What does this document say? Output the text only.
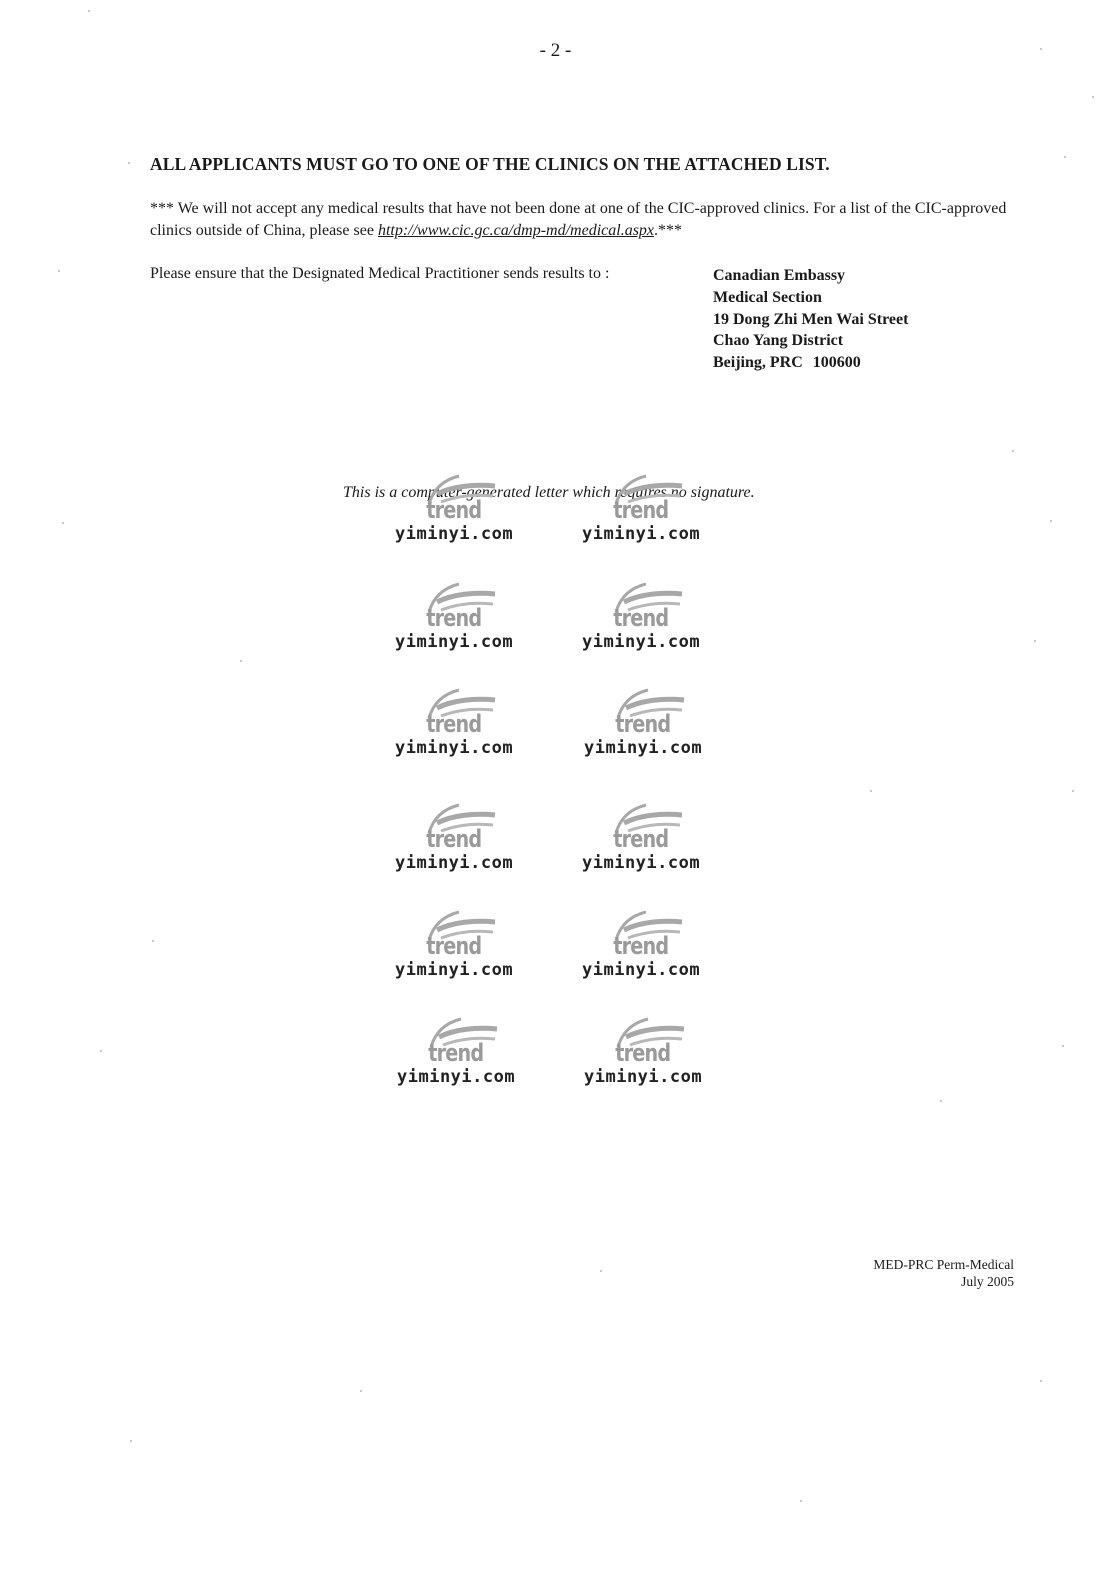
- 2 -
ALL APPLICANTS MUST GO TO ONE OF THE CLINICS ON THE ATTACHED LIST.
*** We will not accept any medical results that have not been done at one of the CIC-approved clinics. For a list of the CIC-approved clinics outside of China, please see http://www.cic.gc.ca/dmp-md/medical.aspx.***
Please ensure that the Designated Medical Practitioner sends results to :	Canadian Embassy
Medical Section
19 Dong Zhi Men Wai Street
Chao Yang District
Beijing, PRC 100600
This is a computer-generated letter which requires no signature.
trend
yiminyi.com
trend
yiminyi.com
trend
yiminyi.com
trend
yiminyi.com
trend
yiminyi.com
trend
yiminyi.com
trend
yiminyi.com
trend
yiminyi.com
trend
yiminyi.com
trend
yiminyi.com
trend
yiminyi.com
trend
yiminyi.com
MED-PRC Perm-Medical
July 2005
